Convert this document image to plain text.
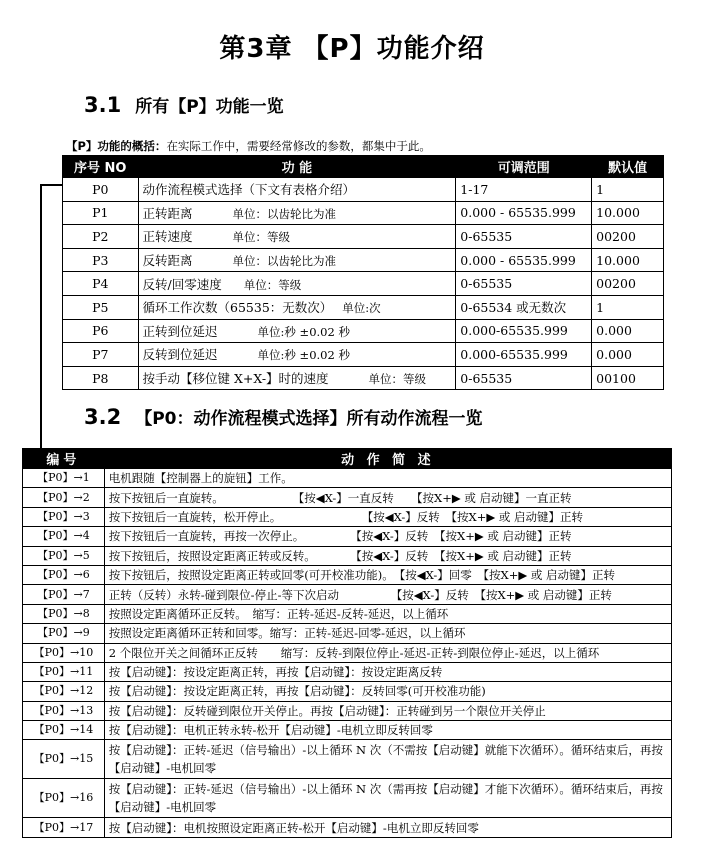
第3章 【P】功能介绍
3.1 所有【P】功能一览
【P】功能的概括：在实际工作中，需要经常修改的参数，都集中于此。
序号 NO	功 能	可调范围	默认值
P0	动作流程模式选择（下文有表格介绍）	1-17	1
P1	正转距离 单位：以齿轮比为准	0.000 - 65535.999	10.000
P2	正转速度 单位：等级	0-65535	00200
P3	反转距离 单位：以齿轮比为准	0.000 - 65535.999	10.000
P4	反转/回零速度 单位：等级	0-65535	00200
P5	循环工作次数（65535：无数次） 单位:次	0-65534 或无数次	1
P6	正转到位延迟 单位:秒 ±0.02 秒	0.000-65535.999	0.000
P7	反转到位延迟 单位:秒 ±0.02 秒	0.000-65535.999	0.000
P8	按手动【移位键 X+X-】时的速度 单位：等级	0-65535	00100
3.2 【P0：动作流程模式选择】所有动作流程一览
编号	动 作 简 述
【P0】→1	电机跟随【控制器上的旋钮】工作。
【P0】→2	按下按钮后一直旋转。　　　　　　　 【按◀X-】一直反转　　【按X+▶ 或 启动键】一直正转
【P0】→3	按下按钮后一直旋转，松开停止。　　　　　　　　 【按◀X-】反转　【按X+▶ 或 启动键】正转
【P0】→4	按下按钮后一直旋转，再按一次停止。　　　　　 【按◀X-】反转　【按X+▶ 或 启动键】正转
【P0】→5	按下按钮后，按照设定距离正转或反转。　　　　 【按◀X-】反转　【按X+▶ 或 启动键】正转
【P0】→6	按下按钮后，按照设定距离正转或回零(可开校准功能)。　 【按◀X-】回零　【按X+▶ 或 启动键】正转
【P0】→7	正转（反转）永转-碰到限位-停止-等下次启动　　　　　 【按◀X-】反转　【按X+▶ 或 启动键】正转
【P0】→8	按照设定距离循环正反转。　缩写：正转-延迟-反转-延迟，以上循环
【P0】→9	按照设定距离循环正转和回零。缩写：正转-延迟-回零-延迟，以上循环
【P0】→10	2 个限位开关之间循环正反转　　缩写：反转-到限位停止-延迟-正转-到限位停止-延迟，以上循环
【P0】→11	按【启动键】：按设定距离正转，再按【启动键】：按设定距离反转
【P0】→12	按【启动键】：按设定距离正转，再按【启动键】：反转回零(可开校准功能)
【P0】→13	按【启动键】：反转碰到限位开关停止。再按【启动键】：正转碰到另一个限位开关停止
【P0】→14	按【启动键】：电机正转永转-松开【启动键】-电机立即反转回零
【P0】→15	按【启动键】：正转-延迟（信号输出）-以上循环 N 次（不需按【启动键】就能下次循环）。循环结束后，再按【启动键】-电机回零
【P0】→16	按【启动键】：正转-延迟（信号输出）-以上循环 N 次（需再按【启动键】才能下次循环）。循环结束后，再按【启动键】-电机回零
【P0】→17	按【启动键】：电机按照设定距离正转-松开【启动键】-电机立即反转回零
